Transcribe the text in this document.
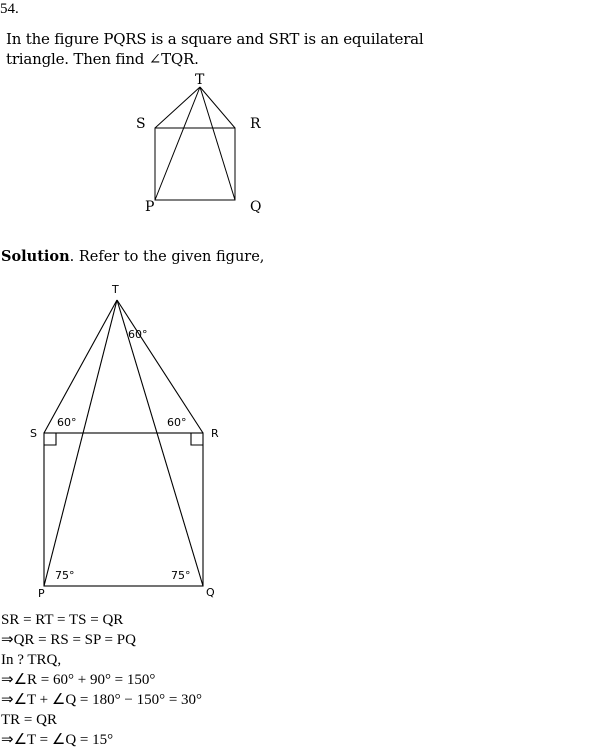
54.
In the figure PQRS is a square and SRT is an equilateral
triangle. Then find ∠TQR.
T
S	R
P	Q
Solution. Refer to the given figure,
T
60°
S
60°	60°
R
75°	75°
P	Q
SR = RT = TS = QR
⇒QR = RS = SP = PQ
In ? TRQ,
⇒∠R = 60° + 90° = 150°
⇒∠T + ∠Q = 180° − 150° = 30°
TR = QR
⇒∠T = ∠Q = 15°
